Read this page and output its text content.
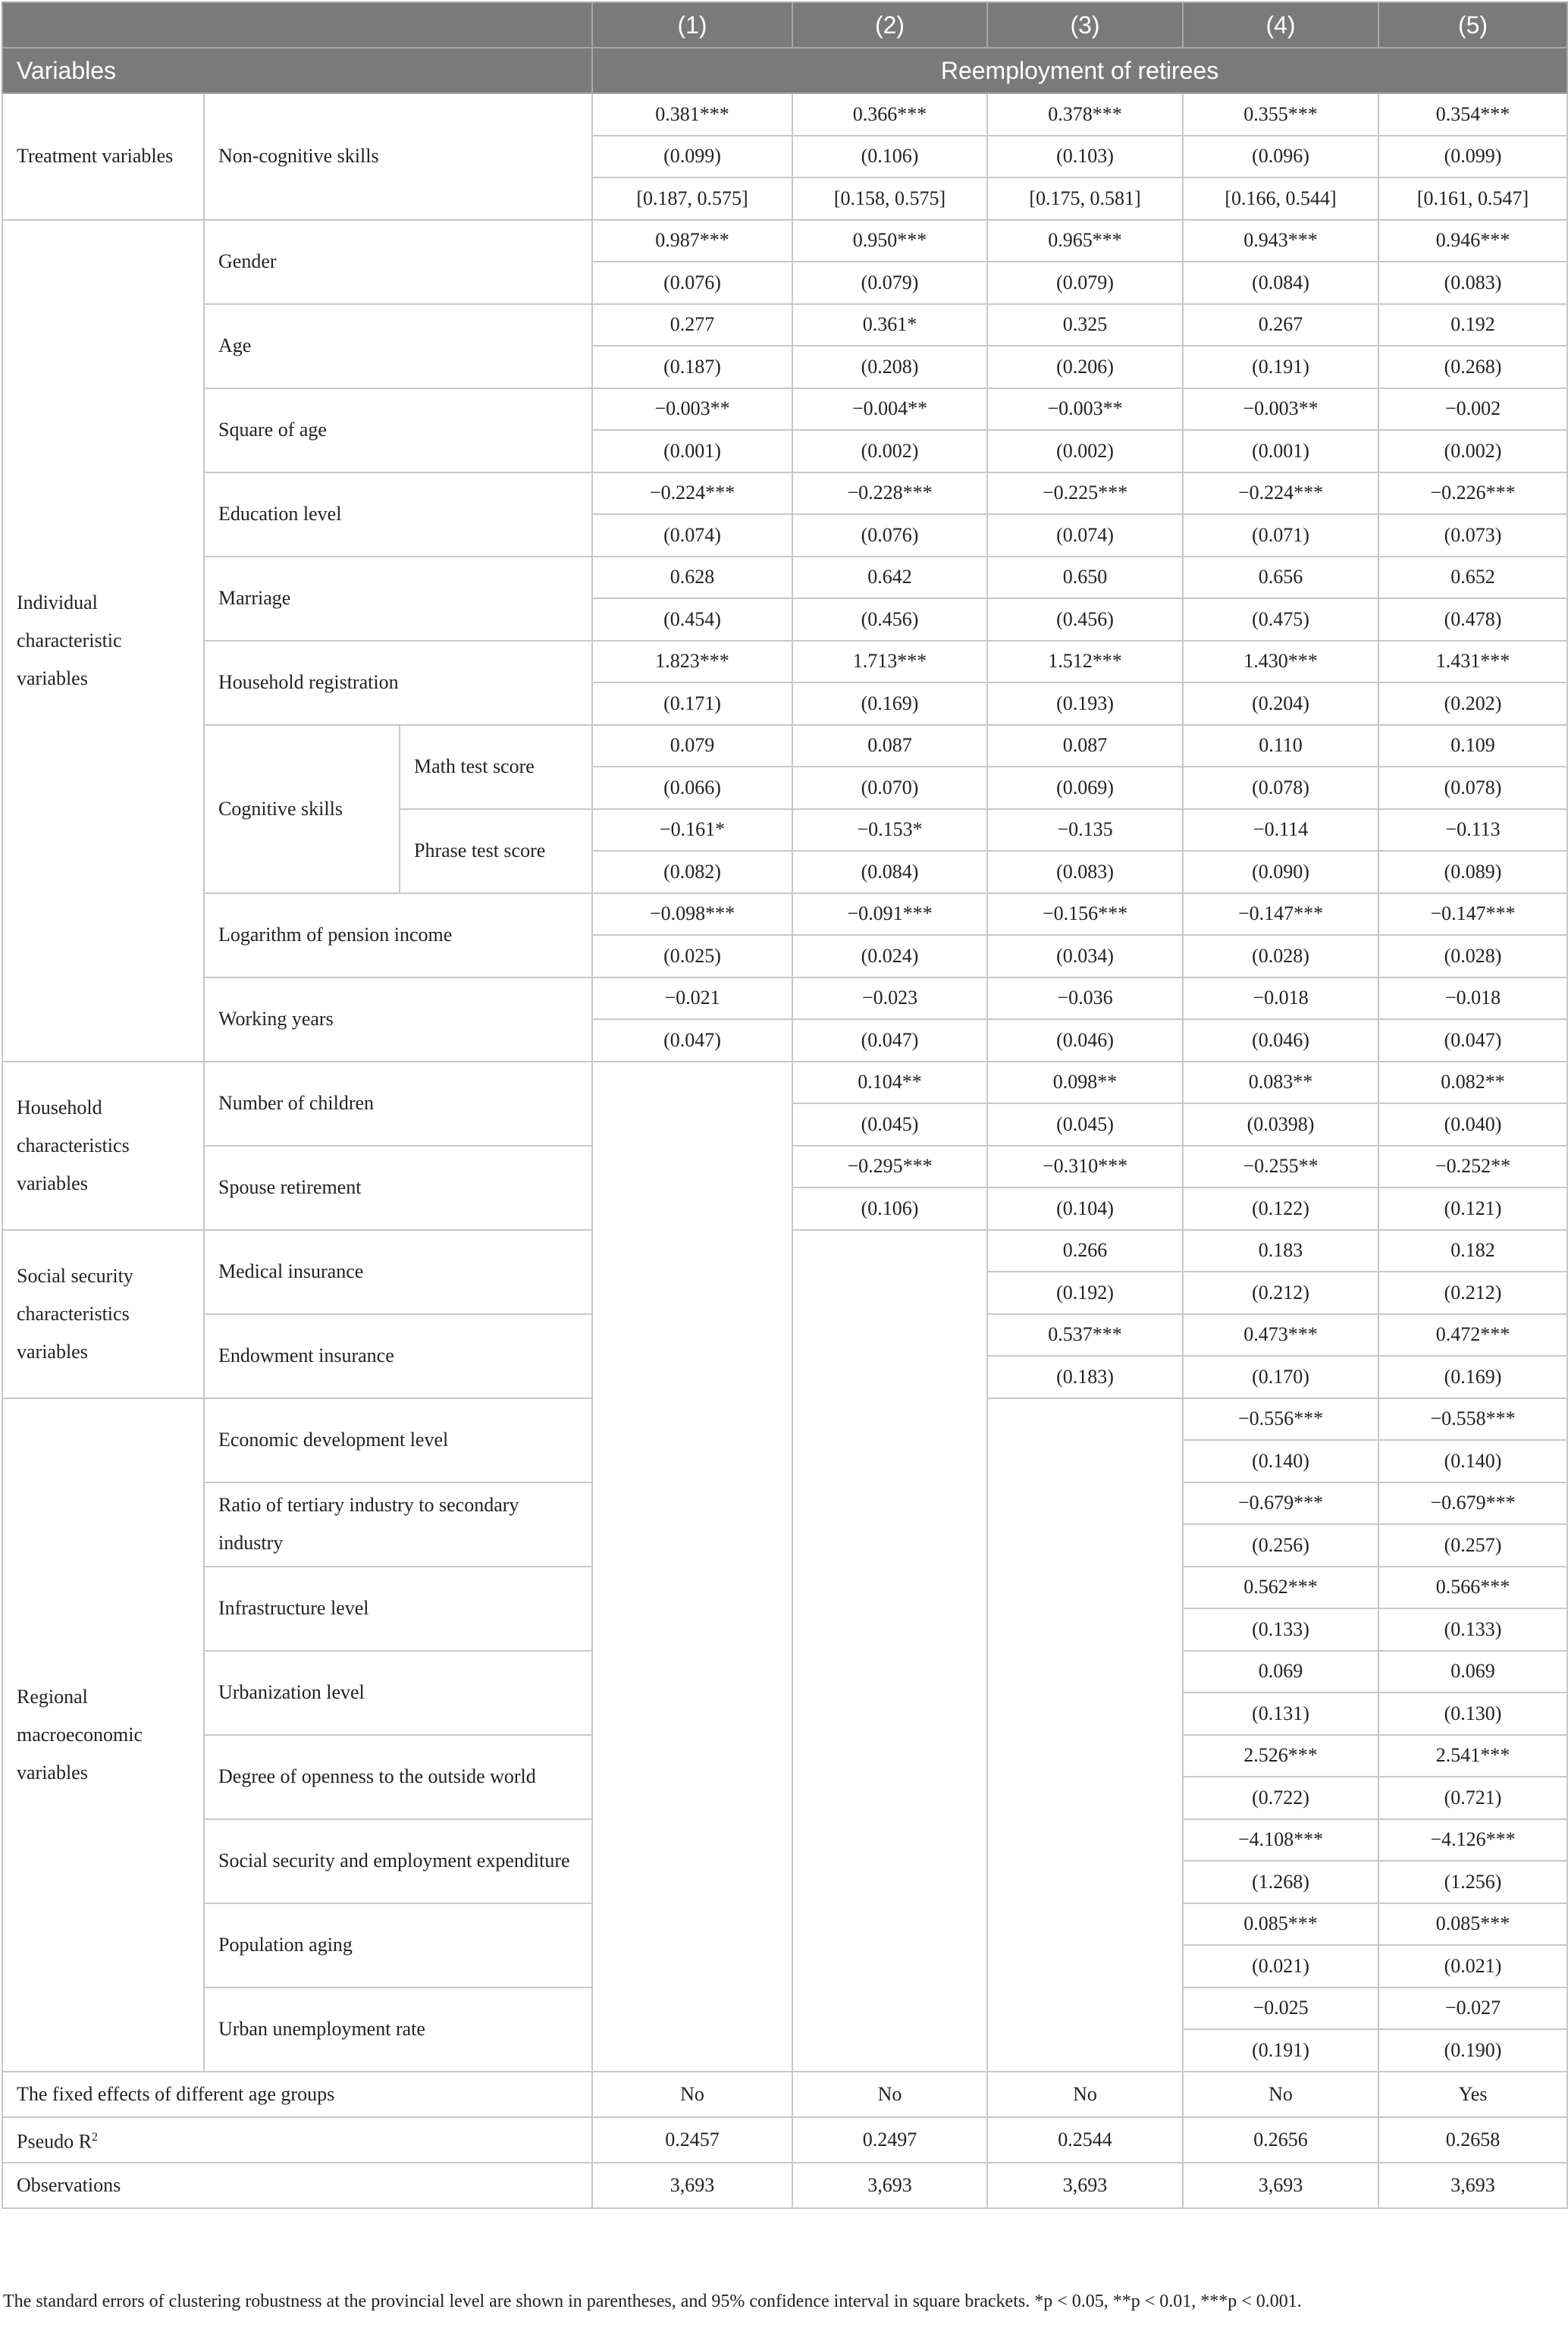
			(1)	(2)	(3)	(4)	(5)
Variables			Reemployment of retirees				
Treatment variables	Non-cognitive skills		0.381***	0.366***	0.378***	0.355***	0.354***
			(0.099)	(0.106)	(0.103)	(0.096)	(0.099)
			[0.187, 0.575]	[0.158, 0.575]	[0.175, 0.581]	[0.166, 0.544]	[0.161, 0.547]
Individual characteristic variables	Gender		0.987***	0.950***	0.965***	0.943***	0.946***
			(0.076)	(0.079)	(0.079)	(0.084)	(0.083)
	Age		0.277	0.361*	0.325	0.267	0.192
			(0.187)	(0.208)	(0.206)	(0.191)	(0.268)
	Square of age		−0.003**	−0.004**	−0.003**	−0.003**	−0.002
			(0.001)	(0.002)	(0.002)	(0.001)	(0.002)
	Education level		−0.224***	−0.228***	−0.225***	−0.224***	−0.226***
			(0.074)	(0.076)	(0.074)	(0.071)	(0.073)
	Marriage		0.628	0.642	0.650	0.656	0.652
			(0.454)	(0.456)	(0.456)	(0.475)	(0.478)
	Household registration		1.823***	1.713***	1.512***	1.430***	1.431***
			(0.171)	(0.169)	(0.193)	(0.204)	(0.202)
	Cognitive skills	Math test score	0.079	0.087	0.087	0.110	0.109
			(0.066)	(0.070)	(0.069)	(0.078)	(0.078)
		Phrase test score	−0.161*	−0.153*	−0.135	−0.114	−0.113
			(0.082)	(0.084)	(0.083)	(0.090)	(0.089)
	Logarithm of pension income		−0.098***	−0.091***	−0.156***	−0.147***	−0.147***
			(0.025)	(0.024)	(0.034)	(0.028)	(0.028)
	Working years		−0.021	−0.023	−0.036	−0.018	−0.018
			(0.047)	(0.047)	(0.046)	(0.046)	(0.047)
Household characteristics variables	Number of children			0.104**	0.098**	0.083**	0.082**
				(0.045)	(0.045)	(0.0398)	(0.040)
	Spouse retirement			−0.295***	−0.310***	−0.255**	−0.252**
				(0.106)	(0.104)	(0.122)	(0.121)
Social security characteristics variables	Medical insurance				0.266	0.183	0.182
					(0.192)	(0.212)	(0.212)
	Endowment insurance				0.537***	0.473***	0.472***
					(0.183)	(0.170)	(0.169)
Regional macroeconomic variables	Economic development level					−0.556***	−0.558***
						(0.140)	(0.140)
	Ratio of tertiary industry to secondary industry					−0.679***	−0.679***
						(0.256)	(0.257)
	Infrastructure level					0.562***	0.566***
						(0.133)	(0.133)
	Urbanization level					0.069	0.069
						(0.131)	(0.130)
	Degree of openness to the outside world					2.526***	2.541***
						(0.722)	(0.721)
	Social security and employment expenditure					−4.108***	−4.126***
						(1.268)	(1.256)
	Population aging					0.085***	0.085***
						(0.021)	(0.021)
	Urban unemployment rate					−0.025	−0.027
						(0.191)	(0.190)
The fixed effects of different age groups			No	No	No	No	Yes
Pseudo $R^2$			0.2457	0.2497	0.2544	0.2656	0.2658
Observations			3,693	3,693	3,693	3,693	3,693
The standard errors of clustering robustness at the provincial level are shown in parentheses, and 95% confidence interval in square brackets. *p < 0.05, **p < 0.01, ***p < 0.001.
